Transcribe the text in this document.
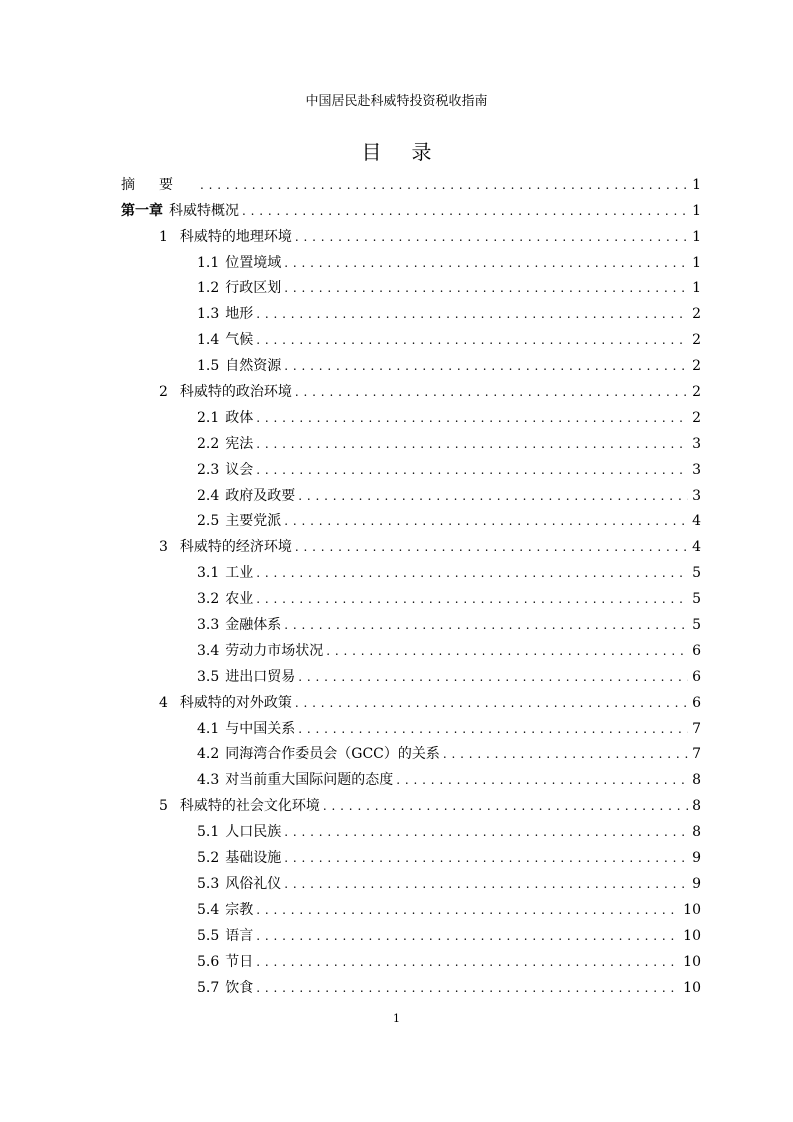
中国居民赴科威特投资税收指南
目录
摘要 . . .	1
第一章 科威特概况 . . .	1
1 科威特的地理环境 . . .	1
1.1 位置境域 . . .	1
1.2 行政区划 . . .	1
1.3 地形 . . .	2
1.4 气候 . . .	2
1.5 自然资源 . . .	2
2 科威特的政治环境 . . .	2
2.1 政体 . . .	2
2.2 宪法 . . .	3
2.3 议会 . . .	3
2.4 政府及政要 . . .	3
2.5 主要党派 . . .	4
3 科威特的经济环境 . . .	4
3.1 工业 . . .	5
3.2 农业 . . .	5
3.3 金融体系 . . .	5
3.4 劳动力市场状况 . . .	6
3.5 进出口贸易 . . .	6
4 科威特的对外政策 . . .	6
4.1 与中国关系 . . .	7
4.2 同海湾合作委员会（GCC）的关系 . . .	7
4.3 对当前重大国际问题的态度 . . .	8
5 科威特的社会文化环境 . . .	8
5.1 人口民族 . . .	8
5.2 基础设施 . . .	9
5.3 风俗礼仪 . . .	9
5.4 宗教 . . .	10
5.5 语言 . . .	10
5.6 节日 . . .	10
5.7 饮食 . . .	10
1
